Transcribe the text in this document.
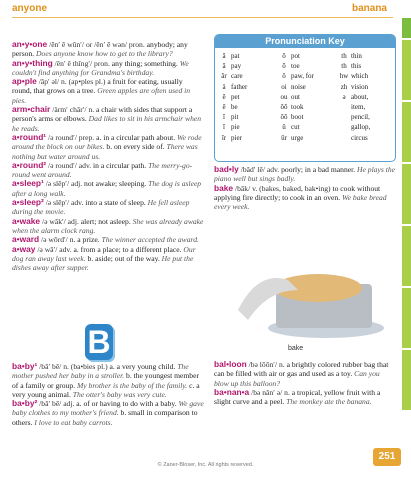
anyone	banana
an•y•one /ĕn′ ē wŭn′/ or /ĕn′ ē wən/ pron. anybody; any person. Does anyone know how to get to the library?
an•y•thing /ĕn′ ē thĭng′/ pron. any thing; something. We couldn't find anything for Grandma's birthday.
ap•ple /ăp′ əl/ n. (ap•ples pl.) a fruit for eating, usually round, that grows on a tree. Green apples are often used in pies.
arm•chair /ärm′ châr′/ n. a chair with sides that support a person's arms or elbows. Dad likes to sit in his armchair when he reads.
a•round¹ /ə round′/ prep. a. in a circular path about. We rode around the block on our bikes. b. on every side of. There was nothing but water around us.
a•round² /ə round′/ adv. in a circular path. The merry-go-round went around.
a•sleep¹ /ə slēp′/ adj. not awake; sleeping. The dog is asleep after a long walk.
a•sleep² /ə slēp′/ adv. into a state of sleep. He fell asleep during the movie.
a•wake /ə wāk′/ adj. alert; not asleep. She was already awake when the alarm clock rang.
a•ward /ə wôrd′/ n. a prize. The winner accepted the award.
a•way /ə wā′/ adv. a. from a place; to a different place. Our dog ran away last week. b. aside; out of the way. He put the dishes away after supper.
Pronunciation Key
ă pat	ŏ pot	th thin
ā pay	ō toe	th this
âr care	ô paw, for	hw which
ä father	oi noise	zh vision
ĕ pet	ou out	ə about,
ē be	ŏŏ took	item,
ĭ pit	ōō boot	pencil,
ī pie	ŭ cut	gallop,
îr pier	ûr urge	circus
bad•ly /băd′ lē/ adv. poorly; in a bad manner. He plays the piano well but sings badly.
bake /bāk/ v. (bakes, baked, bak•ing) to cook without applying fire directly; to cook in an oven. We bake bread every week.
bake
B
ba•by¹ /bā′ bē/ n. (ba•bies pl.) a. a very young child. The mother pushed her baby in a stroller. b. the youngest member of a family or group. My brother is the baby of the family. c. a very young animal. The otter's baby was very cute.
ba•by² /bā′ bē/ adj. a. of or having to do with a baby. We gave baby clothes to my mother's friend. b. small in comparison to others. I love to eat baby carrots.
bal•loon /bə lōōn′/ n. a brightly colored rubber bag that can be filled with air or gas and used as a toy. Can you blow up this balloon?
ba•nan•a /bə năn′ ə/ n. a tropical, yellow fruit with a slight curve and a peel. The monkey ate the banana.
© Zaner-Bloser, Inc. All rights reserved.
251
